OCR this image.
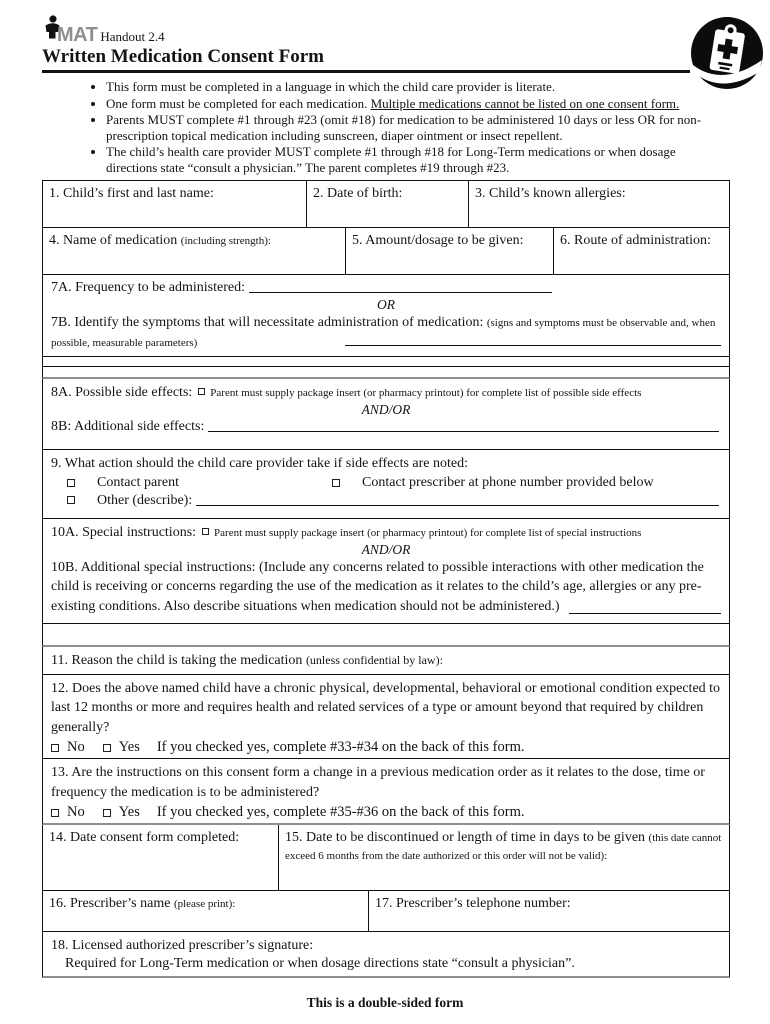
MAT Handout 2.4
Written Medication Consent Form
• This form must be completed in a language in which the child care provider is literate.
• One form must be completed for each medication. Multiple medications cannot be listed on one consent form.
• Parents MUST complete #1 through #23 (omit #18) for medication to be administered 10 days or less OR for non-prescription topical medication including sunscreen, diaper ointment or insect repellent.
• The child’s health care provider MUST complete #1 through #18 for Long-Term medications or when dosage directions state “consult a physician.” The parent completes #19 through #23.
1. Child’s first and last name:	2. Date of birth:	3. Child’s known allergies:
4. Name of medication (including strength):	5. Amount/dosage to be given:	6. Route of administration:
7A. Frequency to be administered:
OR
7B. Identify the symptoms that will necessitate administration of medication: (signs and symptoms must be observable and, when possible, measurable parameters)
8A. Possible side effects: Parent must supply package insert (or pharmacy printout) for complete list of possible side effects
AND/OR
8B: Additional side effects:
9. What action should the child care provider take if side effects are noted:
Contact parent	Contact prescriber at phone number provided below
Other (describe):
10A. Special instructions: Parent must supply package insert (or pharmacy printout) for complete list of special instructions
AND/OR
10B. Additional special instructions: (Include any concerns related to possible interactions with other medication the child is receiving or concerns regarding the use of the medication as it relates to the child’s age, allergies or any pre-existing conditions. Also describe situations when medication should not be administered.)
11. Reason the child is taking the medication (unless confidential by law):
12. Does the above named child have a chronic physical, developmental, behavioral or emotional condition expected to last 12 months or more and requires health and related services of a type or amount beyond that required by children generally?
No Yes If you checked yes, complete #33-#34 on the back of this form.
13. Are the instructions on this consent form a change in a previous medication order as it relates to the dose, time or frequency the medication is to be administered?
No Yes If you checked yes, complete #35-#36 on the back of this form.
14. Date consent form completed:	15. Date to be discontinued or length of time in days to be given (this date cannot exceed 6 months from the date authorized or this order will not be valid):
16. Prescriber’s name (please print):	17. Prescriber’s telephone number:
18. Licensed authorized prescriber’s signature:
Required for Long-Term medication or when dosage directions state “consult a physician”.
This is a double-sided form
